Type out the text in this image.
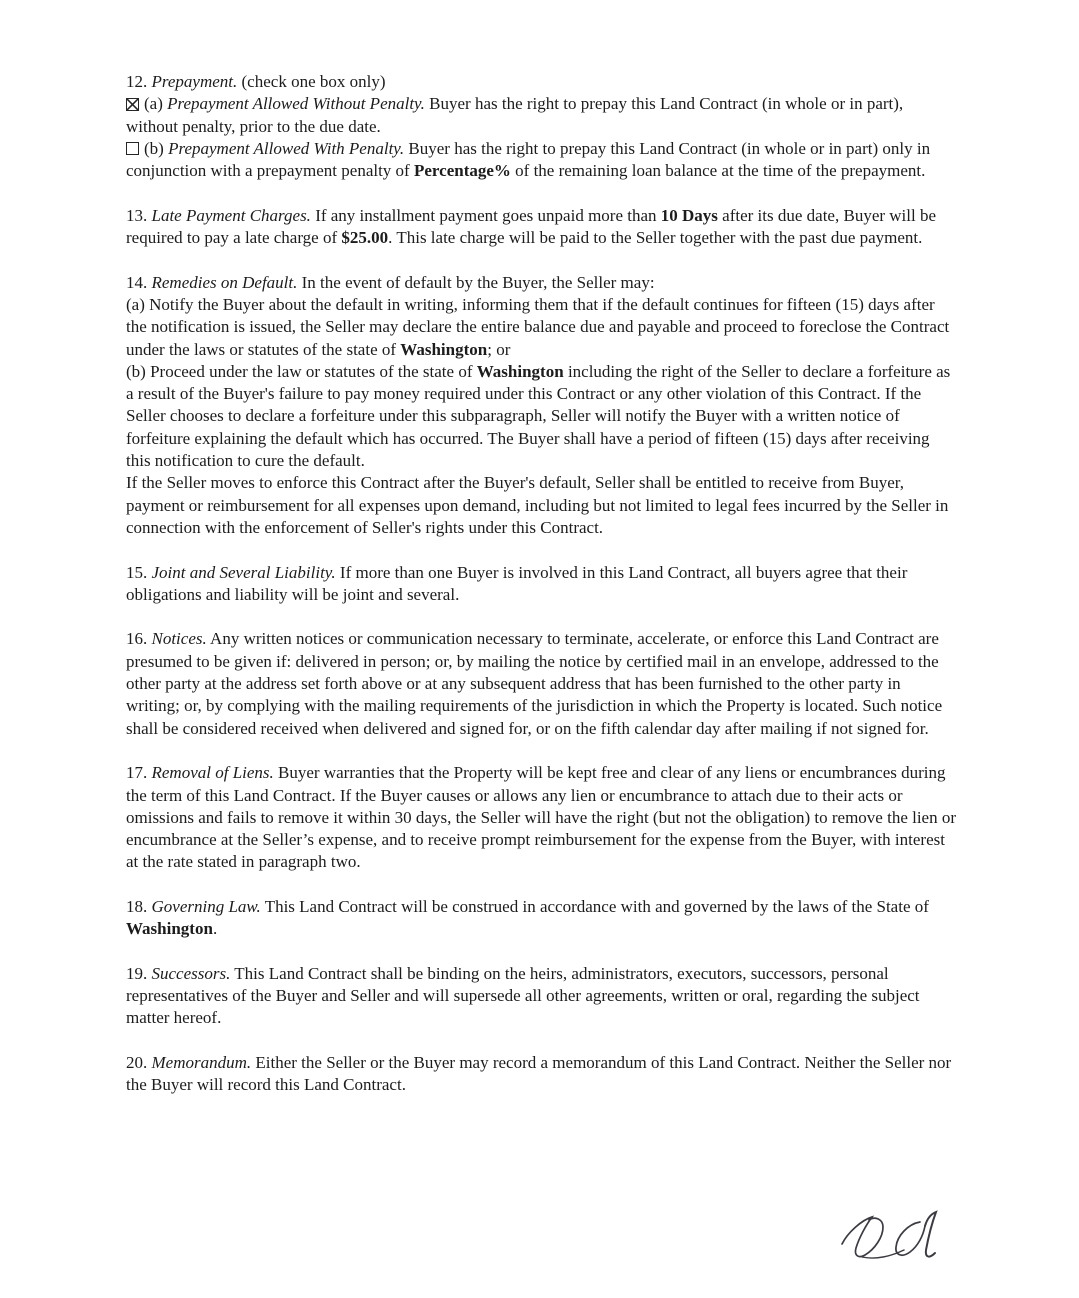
12. Prepayment. (check one box only)
(a) Prepayment Allowed Without Penalty. Buyer has the right to prepay this Land Contract (in whole or in part), without penalty, prior to the due date.
(b) Prepayment Allowed With Penalty. Buyer has the right to prepay this Land Contract (in whole or in part) only in conjunction with a prepayment penalty of Percentage% of the remaining loan balance at the time of the prepayment.
13. Late Payment Charges. If any installment payment goes unpaid more than 10 Days after its due date, Buyer will be required to pay a late charge of $25.00. This late charge will be paid to the Seller together with the past due payment.
14. Remedies on Default. In the event of default by the Buyer, the Seller may:
(a) Notify the Buyer about the default in writing, informing them that if the default continues for fifteen (15) days after the notification is issued, the Seller may declare the entire balance due and payable and proceed to foreclose the Contract under the laws or statutes of the state of Washington; or
(b) Proceed under the law or statutes of the state of Washington including the right of the Seller to declare a forfeiture as a result of the Buyer's failure to pay money required under this Contract or any other violation of this Contract. If the Seller chooses to declare a forfeiture under this subparagraph, Seller will notify the Buyer with a written notice of forfeiture explaining the default which has occurred. The Buyer shall have a period of fifteen (15) days after receiving this notification to cure the default.
If the Seller moves to enforce this Contract after the Buyer's default, Seller shall be entitled to receive from Buyer, payment or reimbursement for all expenses upon demand, including but not limited to legal fees incurred by the Seller in connection with the enforcement of Seller's rights under this Contract.
15. Joint and Several Liability. If more than one Buyer is involved in this Land Contract, all buyers agree that their obligations and liability will be joint and several.
16. Notices. Any written notices or communication necessary to terminate, accelerate, or enforce this Land Contract are presumed to be given if: delivered in person; or, by mailing the notice by certified mail in an envelope, addressed to the other party at the address set forth above or at any subsequent address that has been furnished to the other party in writing; or, by complying with the mailing requirements of the jurisdiction in which the Property is located. Such notice shall be considered received when delivered and signed for, or on the fifth calendar day after mailing if not signed for.
17. Removal of Liens. Buyer warranties that the Property will be kept free and clear of any liens or encumbrances during the term of this Land Contract. If the Buyer causes or allows any lien or encumbrance to attach due to their acts or omissions and fails to remove it within 30 days, the Seller will have the right (but not the obligation) to remove the lien or encumbrance at the Seller’s expense, and to receive prompt reimbursement for the expense from the Buyer, with interest at the rate stated in paragraph two.
18. Governing Law. This Land Contract will be construed in accordance with and governed by the laws of the State of Washington.
19. Successors. This Land Contract shall be binding on the heirs, administrators, executors, successors, personal representatives of the Buyer and Seller and will supersede all other agreements, written or oral, regarding the subject matter hereof.
20. Memorandum. Either the Seller or the Buyer may record a memorandum of this Land Contract. Neither the Seller nor the Buyer will record this Land Contract.
